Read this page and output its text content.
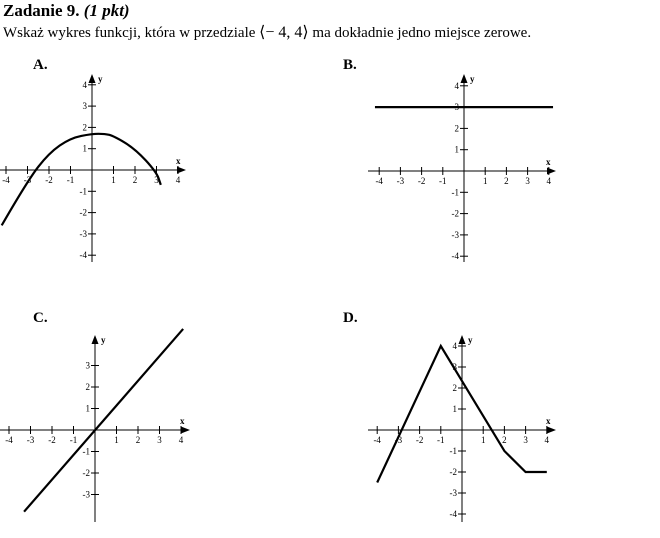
Zadanie 9. (1 pkt)
Wskaż wykres funkcji, która w przedziale ⟨− 4, 4⟩ ma dokładnie jedno miejsce zerowe.
A.	B.
C.	D.
x
y
-4 -3 -2 -1	1 2 3 4
4
3
2
1
-1
-2
-3
-4
x
y
-4 -3 -2 -1	1 2 3 4
4
3
2
1
-1
-2
-3
-4
x
y
-4 -3 -2 -1	1 2 3 4
3
2
1
-1
-2
-3
x
y
-4 -3 -2 -1	1 2 3 4
4
3
2
1
-1
-2
-3
-4
